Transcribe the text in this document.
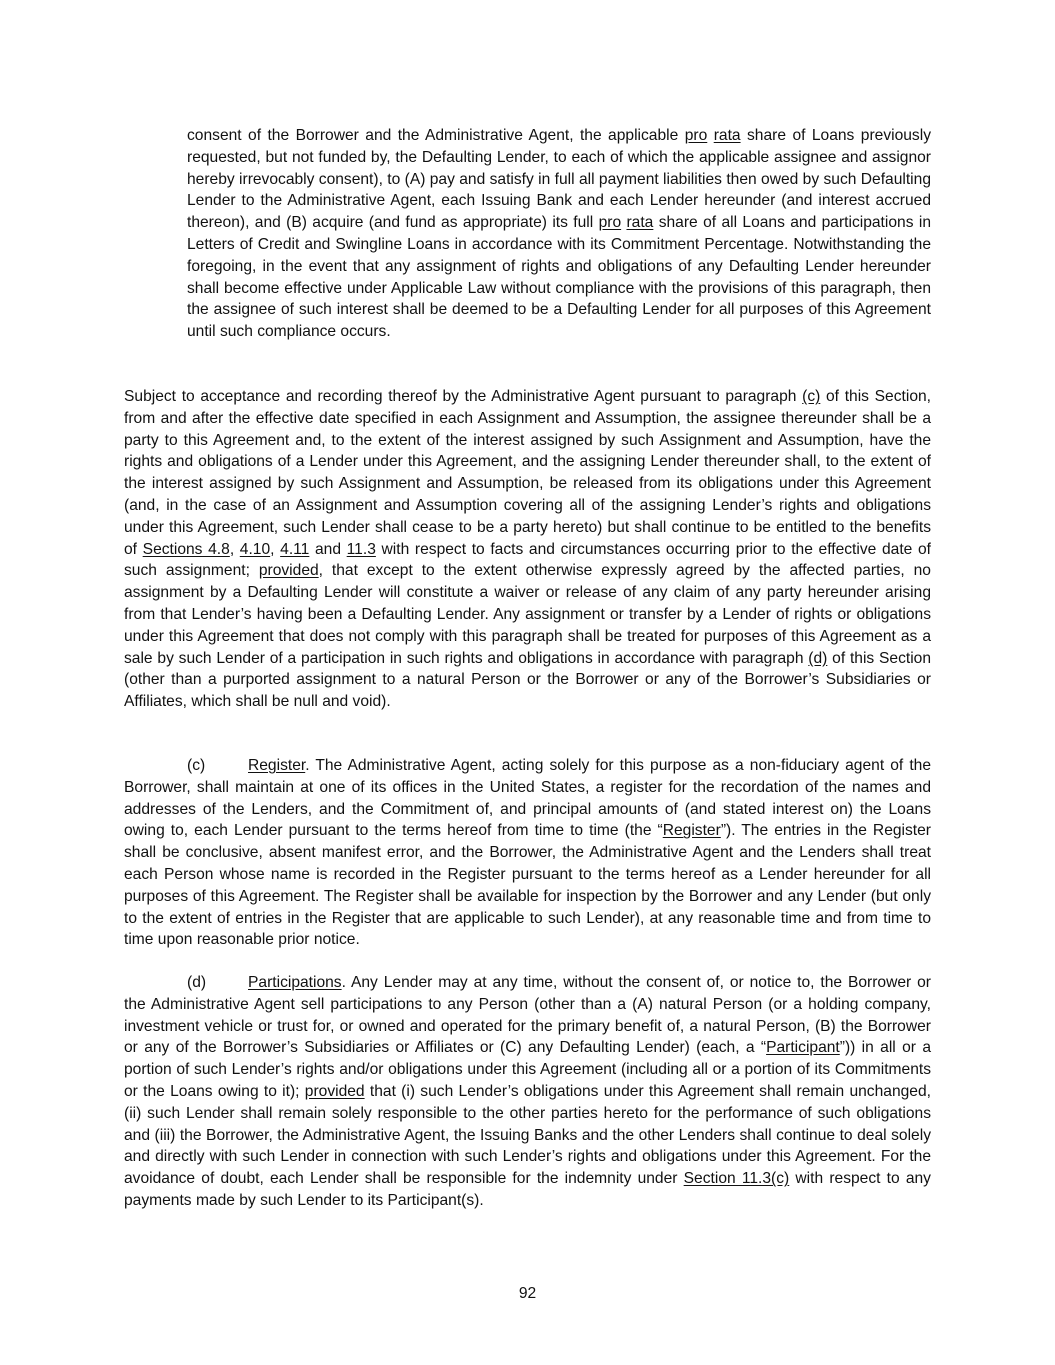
consent of the Borrower and the Administrative Agent, the applicable pro rata share of Loans previously requested, but not funded by, the Defaulting Lender, to each of which the applicable assignee and assignor hereby irrevocably consent), to (A) pay and satisfy in full all payment liabilities then owed by such Defaulting Lender to the Administrative Agent, each Issuing Bank and each Lender hereunder (and interest accrued thereon), and (B) acquire (and fund as appropriate) its full pro rata share of all Loans and participations in Letters of Credit and Swingline Loans in accordance with its Commitment Percentage. Notwithstanding the foregoing, in the event that any assignment of rights and obligations of any Defaulting Lender hereunder shall become effective under Applicable Law without compliance with the provisions of this paragraph, then the assignee of such interest shall be deemed to be a Defaulting Lender for all purposes of this Agreement until such compliance occurs.

Subject to acceptance and recording thereof by the Administrative Agent pursuant to paragraph (c) of this Section, from and after the effective date specified in each Assignment and Assumption, the assignee thereunder shall be a party to this Agreement and, to the extent of the interest assigned by such Assignment and Assumption, have the rights and obligations of a Lender under this Agreement, and the assigning Lender thereunder shall, to the extent of the interest assigned by such Assignment and Assumption, be released from its obligations under this Agreement (and, in the case of an Assignment and Assumption covering all of the assigning Lender’s rights and obligations under this Agreement, such Lender shall cease to be a party hereto) but shall continue to be entitled to the benefits of Sections 4.8, 4.10, 4.11 and 11.3 with respect to facts and circumstances occurring prior to the effective date of such assignment; provided, that except to the extent otherwise expressly agreed by the affected parties, no assignment by a Defaulting Lender will constitute a waiver or release of any claim of any party hereunder arising from that Lender’s having been a Defaulting Lender. Any assignment or transfer by a Lender of rights or obligations under this Agreement that does not comply with this paragraph shall be treated for purposes of this Agreement as a sale by such Lender of a participation in such rights and obligations in accordance with paragraph (d) of this Section (other than a purported assignment to a natural Person or the Borrower or any of the Borrower’s Subsidiaries or Affiliates, which shall be null and void).

(c)	Register. The Administrative Agent, acting solely for this purpose as a non-fiduciary agent of the Borrower, shall maintain at one of its offices in the United States, a register for the recordation of the names and addresses of the Lenders, and the Commitment of, and principal amounts of (and stated interest on) the Loans owing to, each Lender pursuant to the terms hereof from time to time (the “Register”). The entries in the Register shall be conclusive, absent manifest error, and the Borrower, the Administrative Agent and the Lenders shall treat each Person whose name is recorded in the Register pursuant to the terms hereof as a Lender hereunder for all purposes of this Agreement. The Register shall be available for inspection by the Borrower and any Lender (but only to the extent of entries in the Register that are applicable to such Lender), at any reasonable time and from time to time upon reasonable prior notice.

(d)	Participations. Any Lender may at any time, without the consent of, or notice to, the Borrower or the Administrative Agent sell participations to any Person (other than a (A) natural Person (or a holding company, investment vehicle or trust for, or owned and operated for the primary benefit of, a natural Person, (B) the Borrower or any of the Borrower’s Subsidiaries or Affiliates or (C) any Defaulting Lender) (each, a “Participant”)) in all or a portion of such Lender’s rights and/or obligations under this Agreement (including all or a portion of its Commitments or the Loans owing to it); provided that (i) such Lender’s obligations under this Agreement shall remain unchanged, (ii) such Lender shall remain solely responsible to the other parties hereto for the performance of such obligations and (iii) the Borrower, the Administrative Agent, the Issuing Banks and the other Lenders shall continue to deal solely and directly with such Lender in connection with such Lender’s rights and obligations under this Agreement. For the avoidance of doubt, each Lender shall be responsible for the indemnity under Section 11.3(c) with respect to any payments made by such Lender to its Participant(s).

92
